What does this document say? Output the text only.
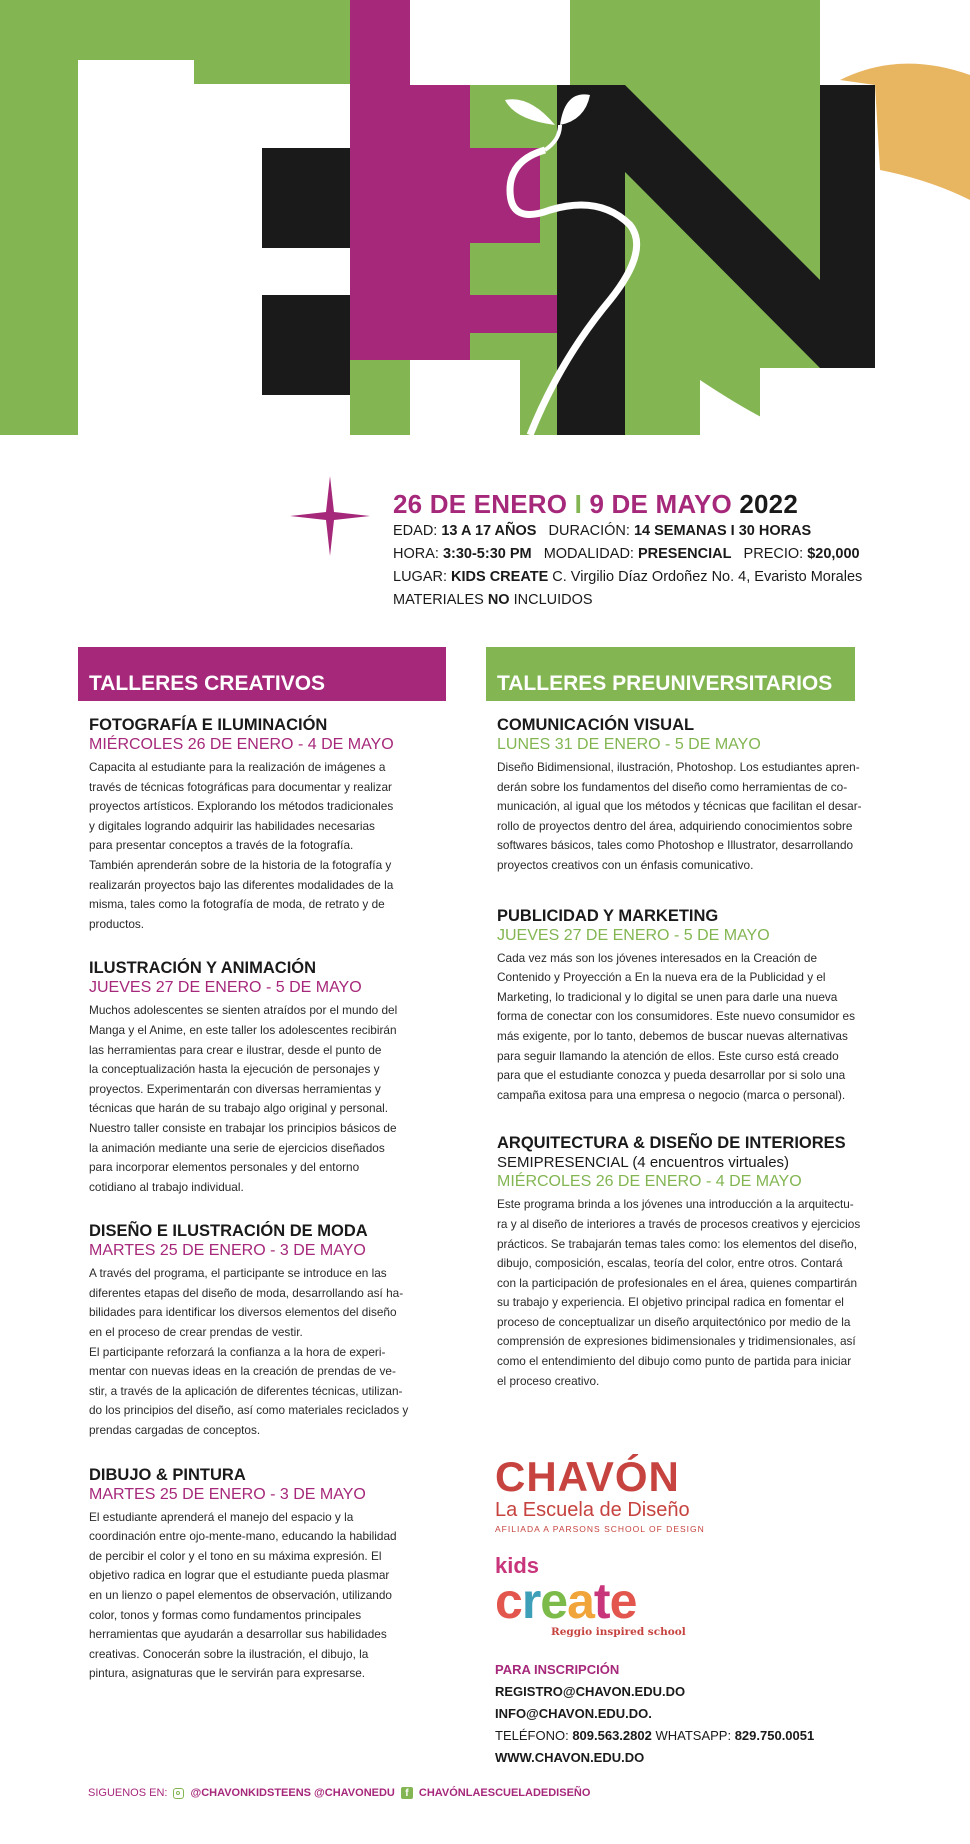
26 DE ENERO I 9 DE MAYO 2022
EDAD: 13 A 17 AÑOS DURACIÓN: 14 SEMANAS I 30 HORAS
HORA: 3:30-5:30 PM MODALIDAD: PRESENCIAL PRECIO: $20,000
LUGAR: KIDS CREATE C. Virgilio Díaz Ordoñez No. 4, Evaristo Morales
MATERIALES NO INCLUIDOS
TALLERES CREATIVOS
FOTOGRAFÍA E ILUMINACIÓN
MIÉRCOLES 26 DE ENERO - 4 DE MAYO

Capacita al estudiante para la realización de imágenes a
través de técnicas fotográficas para documentar y realizar
proyectos artísticos. Explorando los métodos tradicionales
y digitales logrando adquirir las habilidades necesarias
para presentar conceptos a través de la fotografía.
También aprenderán sobre de la historia de la fotografía y
realizarán proyectos bajo las diferentes modalidades de la
misma, tales como la fotografía de moda, de retrato y de
productos.

ILUSTRACIÓN Y ANIMACIÓN
JUEVES 27 DE ENERO - 5 DE MAYO

Muchos adolescentes se sienten atraídos por el mundo del
Manga y el Anime, en este taller los adolescentes recibirán
las herramientas para crear e ilustrar, desde el punto de
la conceptualización hasta la ejecución de personajes y
proyectos. Experimentarán con diversas herramientas y
técnicas que harán de su trabajo algo original y personal.
Nuestro taller consiste en trabajar los principios básicos de
la animación mediante una serie de ejercicios diseñados
para incorporar elementos personales y del entorno
cotidiano al trabajo individual.

DISEÑO E ILUSTRACIÓN DE MODA
MARTES 25 DE ENERO - 3 DE MAYO

A través del programa, el participante se introduce en las
diferentes etapas del diseño de moda, desarrollando así ha-
bilidades para identificar los diversos elementos del diseño
en el proceso de crear prendas de vestir.
El participante reforzará la confianza a la hora de experi-
mentar con nuevas ideas en la creación de prendas de ve-
stir, a través de la aplicación de diferentes técnicas, utilizan-
do los principios del diseño, así como materiales reciclados y
prendas cargadas de conceptos.

DIBUJO & PINTURA
MARTES 25 DE ENERO - 3 DE MAYO

El estudiante aprenderá el manejo del espacio y la
coordinación entre ojo-mente-mano, educando la habilidad
de percibir el color y el tono en su máxima expresión. El
objetivo radica en lograr que el estudiante pueda plasmar
en un lienzo o papel elementos de observación, utilizando
color, tonos y formas como fundamentos principales
herramientas que ayudarán a desarrollar sus habilidades
creativas. Conocerán sobre la ilustración, el dibujo, la
pintura, asignaturas que le servirán para expresarse.

TALLERES PREUNIVERSITARIOS
COMUNICACIÓN VISUAL
LUNES 31 DE ENERO - 5 DE MAYO

Diseño Bidimensional, ilustración, Photoshop. Los estudiantes apren-
derán sobre los fundamentos del diseño como herramientas de co-
municación, al igual que los métodos y técnicas que facilitan el desar-
rollo de proyectos dentro del área, adquiriendo conocimientos sobre
softwares básicos, tales como Photoshop e Illustrator, desarrollando
proyectos creativos con un énfasis comunicativo.

PUBLICIDAD Y MARKETING
JUEVES 27 DE ENERO - 5 DE MAYO

Cada vez más son los jóvenes interesados en la Creación de
Contenido y Proyección a En la nueva era de la Publicidad y el
Marketing, lo tradicional y lo digital se unen para darle una nueva
forma de conectar con los consumidores. Este nuevo consumidor es
más exigente, por lo tanto, debemos de buscar nuevas alternativas
para seguir llamando la atención de ellos. Este curso está creado
para que el estudiante conozca y pueda desarrollar por si solo una
campaña exitosa para una empresa o negocio (marca o personal).

ARQUITECTURA & DISEÑO DE INTERIORES
SEMIPRESENCIAL (4 encuentros virtuales)
MIÉRCOLES 26 DE ENERO - 4 DE MAYO

Este programa brinda a los jóvenes una introducción a la arquitectu-
ra y al diseño de interiores a través de procesos creativos y ejercicios
prácticos. Se trabajarán temas tales como: los elementos del diseño,
dibujo, composición, escalas, teoría del color, entre otros. Contará
con la participación de profesionales en el área, quienes compartirán
su trabajo y experiencia. El objetivo principal radica en fomentar el
proceso de conceptualizar un diseño arquitectónico por medio de la
comprensión de expresiones bidimensionales y tridimensionales, así
como el entendimiento del dibujo como punto de partida para iniciar
el proceso creativo.

CHAVÓN
La Escuela de Diseño
AFILIADA A PARSONS SCHOOL OF DESIGN
kids
create
Reggio inspired school
PARA INSCRIPCIÓN
REGISTRO@CHAVON.EDU.DO
INFO@CHAVON.EDU.DO.
TELÉFONO: 809.563.2802 WHATSAPP: 829.750.0051
WWW.CHAVON.EDU.DO
SIGUENOS EN: @CHAVONKIDSTEENS @CHAVONEDU	f CHAVÓNLAESCUELADEDISEÑO
